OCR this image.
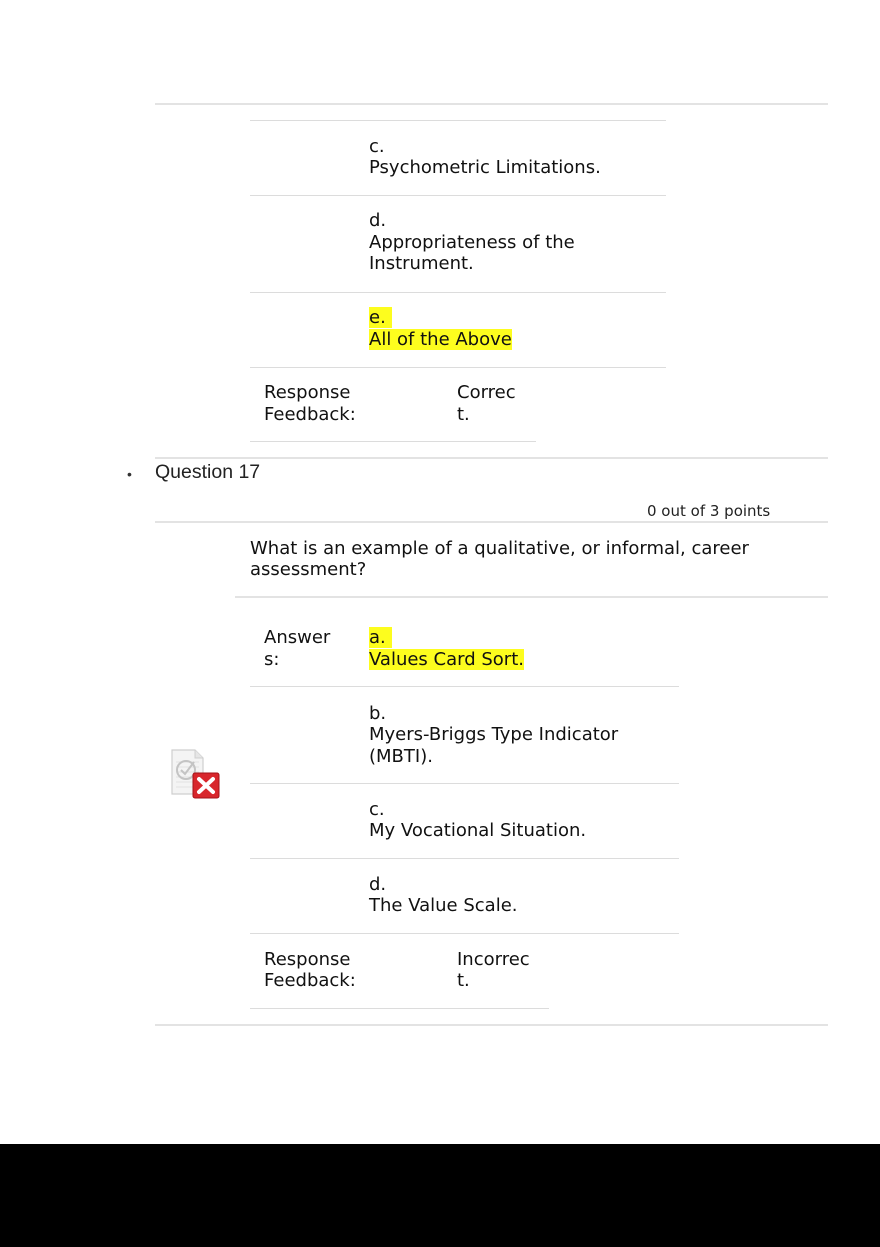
c.
Psychometric Limitations.
d.
Appropriateness of the
Instrument.
e.
All of the Above
Response
Feedback:
Correc
t.
• Question 17
0 out of 3 points
What is an example of a qualitative, or informal, career
assessment?
Answer
s:
a.
Values Card Sort.
b.
Myers-Briggs Type Indicator
(MBTI).
c.
My Vocational Situation.
d.
The Value Scale.
Response
Feedback:
Incorrec
t.
